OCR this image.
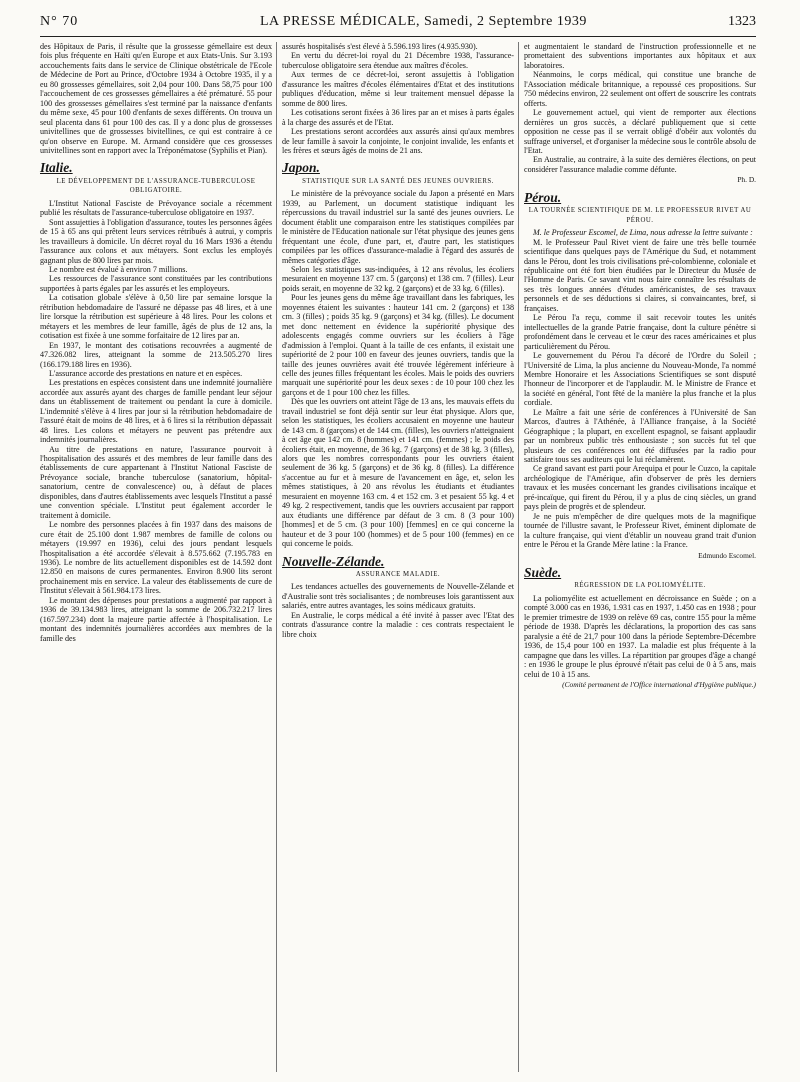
N° 70	LA PRESSE MÉDICALE, Samedi, 2 Septembre 1939	1323

des Hôpitaux de Paris, il résulte que la grossesse gémellaire est deux fois plus fréquente en Haïti qu'en Europe et aux Etats-Unis. Sur 3.193 accouchements faits dans le service de Clinique obstétricale de l'Ecole de Médecine de Port au Prince, d'Octobre 1934 à Octobre 1935, il y a eu 80 grossesses gémellaires, soit 2,04 pour 100. Dans 58,75 pour 100 l'accouchement de ces grossesses gémellaires a été prématuré. 55 pour 100 des grossesses gémellaires s'est terminé par la naissance d'enfants du même sexe, 45 pour 100 d'enfants de sexes différents. On trouva un seul placenta dans 61 pour 100 des cas. Il y a donc plus de grossesses univitellines que de grossesses bivitellines, ce qui est contraire à ce qu'on observe en Europe. M. Armand considère que ces grossesses univitellines sont en rapport avec la Tréponématose (Syphilis et Pian).

Italie.
LE DÉVELOPPEMENT DE L'ASSURANCE-TUBERCULOSE OBLIGATOIRE.

L'Institut National Fasciste de Prévoyance sociale a récemment publié les résultats de l'assurance-tuberculose obligatoire en 1937.

Sont assujetties à l'obligation d'assurance, toutes les personnes âgées de 15 à 65 ans qui prêtent leurs services rétribués à autrui, y compris les travailleurs à domicile. Un décret royal du 16 Mars 1936 a étendu l'assurance aux colons et aux métayers. Sont exclus les employés gagnant plus de 800 lires par mois.

Le nombre est évalué à environ 7 millions.

Les ressources de l'assurance sont constituées par les contributions supportées à parts égales par les assurés et les employeurs.

La cotisation globale s'élève à 0,50 lire par semaine lorsque la rétribution hebdomadaire de l'assuré ne dépasse pas 48 lires, et à une lire lorsque la rétribution est supérieure à 48 lires. Pour les colons et métayers et les membres de leur famille, âgés de plus de 12 ans, la cotisation est fixée à une somme forfaitaire de 12 lires par an.

En 1937, le montant des cotisations recouvrées a augmenté de 47.326.082 lires, atteignant la somme de 213.505.270 lires (166.179.188 lires en 1936).

L'assurance accorde des prestations en nature et en espèces.

Les prestations en espèces consistent dans une indemnité journalière accordée aux assurés ayant des charges de famille pendant leur séjour dans un établissement de traitement ou pendant la cure à domicile. L'indemnité s'élève à 4 lires par jour si la rétribution hebdomadaire de l'assuré était de moins de 48 lires, et à 6 lires si la rétribution dépassait 48 lires. Les colons et métayers ne peuvent pas prétendre aux indemnités journalières.

Au titre de prestations en nature, l'assurance pourvoit à l'hospitalisation des assurés et des membres de leur famille dans des établissements de cure appartenant à l'Institut National Fasciste de Prévoyance sociale, branche tuberculose (sanatorium, hôpital-sanatorium, centre de convalescence) ou, à défaut de places disponibles, dans d'autres établissements avec lesquels l'Institut a passé une convention spéciale. L'Institut peut également accorder le traitement à domicile.

Le nombre des personnes placées à fin 1937 dans des maisons de cure était de 25.100 dont 1.987 membres de famille de colons ou métayers (19.997 en 1936), celui des jours pendant lesquels l'hospitalisation a été accordée s'élevait à 8.575.662 (7.195.783 en 1936). Le nombre de lits actuellement disponibles est de 14.592 dont 12.850 en maisons de cures permanentes. Environ 8.900 lits seront prochainement mis en service. La valeur des établissements de cure de l'Institut s'élevait à 561.984.173 lires.

Le montant des dépenses pour prestations a augmenté par rapport à 1936 de 39.134.983 lires, atteignant la somme de 206.732.217 lires (167.597.234) dont la majeure partie affectée à l'hospitalisation. Le montant des indemnités journalières accordées aux membres de la famille des

assurés hospitalisés s'est élevé à 5.596.193 lires (4.935.930).

En vertu du décret-loi royal du 21 Décembre 1938, l'assurance-tuberculose obligatoire sera étendue aux maîtres d'écoles.

Aux termes de ce décret-loi, seront assujettis à l'obligation d'assurance les maîtres d'écoles élémentaires d'Etat et des institutions publiques d'éducation, même si leur traitement mensuel dépasse la somme de 800 lires.

Les cotisations seront fixées à 36 lires par an et mises à parts égales à la charge des assurés et de l'Etat.

Les prestations seront accordées aux assurés ainsi qu'aux membres de leur famille à savoir la conjointe, le conjoint invalide, les enfants et les frères et sœurs âgés de moins de 21 ans.

Japon.
STATISTIQUE SUR LA SANTÉ DES JEUNES OUVRIERS.

Le ministère de la prévoyance sociale du Japon a présenté en Mars 1939, au Parlement, un document statistique indiquant les répercussions du travail industriel sur la santé des jeunes ouvriers. Le document établit une comparaison entre les statistiques compilées par le ministère de l'Education nationale sur l'état physique des jeunes gens fréquentant une école, d'une part, et, d'autre part, les statistiques compilées par les offices d'assurance-maladie à l'égard des assurés de mêmes catégories d'âge.

Selon les statistiques sus-indiquées, à 12 ans révolus, les écoliers mesuraient en moyenne 137 cm. 5 (garçons) et 138 cm. 7 (filles). Leur poids serait, en moyenne de 32 kg. 2 (garçons) et de 33 kg. 6 (filles).

Pour les jeunes gens du même âge travaillant dans les fabriques, les moyennes étaient les suivantes : hauteur 141 cm. 2 (garçons) et 138 cm. 3 (filles) ; poids 35 kg. 9 (garçons) et 34 kg. (filles). Le document met donc nettement en évidence la supériorité physique des adolescents engagés comme ouvriers sur les écoliers à l'âge d'admission à l'emploi. Quant à la taille de ces enfants, il existait une supériorité de 2 pour 100 en faveur des jeunes ouvriers, tandis que la taille des jeunes ouvrières avait été trouvée légèrement inférieure à celle des jeunes filles fréquentant les écoles. Mais le poids des ouvriers marquait une supériorité pour les deux sexes : de 10 pour 100 chez les garçons et de 1 pour 100 chez les filles.

Dès que les ouvriers ont atteint l'âge de 13 ans, les mauvais effets du travail industriel se font déjà sentir sur leur état physique. Alors que, selon les statistiques, les écoliers accusaient en moyenne une hauteur de 143 cm. 8 (garçons) et de 144 cm. (filles), les ouvriers n'atteignaient à cet âge que 142 cm. 8 (hommes) et 141 cm. (femmes) ; le poids des écoliers était, en moyenne, de 36 kg. 7 (garçons) et de 38 kg. 3 (filles), alors que les nombres correspondants pour les ouvriers étaient seulement de 36 kg. 5 (garçons) et de 36 kg. 8 (filles). La différence s'accentue au fur et à mesure de l'avancement en âge, et, selon les mêmes statistiques, à 20 ans révolus les étudiants et étudiantes mesuraient en moyenne 163 cm. 4 et 152 cm. 3 et pesaient 55 kg. 4 et 49 kg. 2 respectivement, tandis que les ouvriers accusaient par rapport aux étudiants une différence par défaut de 3 cm. 8 (3 pour 100) [hommes] et de 5 cm. (3 pour 100) [femmes] en ce qui concerne la hauteur et de 3 pour 100 (hommes) et de 5 pour 100 (femmes) en ce qui concerne le poids.

Nouvelle-Zélande.
ASSURANCE MALADIE.

Les tendances actuelles des gouvernements de Nouvelle-Zélande et d'Australie sont très socialisantes ; de nombreuses lois garantissent aux salariés, entre autres avantages, les soins médicaux gratuits.

En Australie, le corps médical a été invité à passer avec l'Etat des contrats d'assurance contre la maladie : ces contrats respectaient le libre choix

et augmentaient le standard de l'instruction professionnelle et ne promettaient des subventions importantes aux hôpitaux et aux laboratoires.

Néanmoins, le corps médical, qui constitue une branche de l'Association médicale britannique, a repoussé ces propositions. Sur 750 médecins environ, 22 seulement ont offert de souscrire les contrats offerts.

Le gouvernement actuel, qui vient de remporter aux élections dernières un gros succès, a déclaré publiquement que si cette opposition ne cesse pas il se verrait obligé d'obéir aux volontés du suffrage universel, et d'organiser la médecine sous le contrôle absolu de l'Etat.

En Australie, au contraire, à la suite des dernières élections, on peut considérer l'assurance maladie comme défunte.

Ph. D.

Pérou.
LA TOURNÉE SCIENTIFIQUE DE M. LE PROFESSEUR RIVET AU PÉROU.

M. le Professeur Escomel, de Lima, nous adresse la lettre suivante :

M. le Professeur Paul Rivet vient de faire une très belle tournée scientifique dans quelques pays de l'Amérique du Sud, et notamment dans le Pérou, dont les trois civilisations pré-colombienne, coloniale et républicaine ont été fort bien étudiées par le Directeur du Musée de l'Homme de Paris. Ce savant vint nous faire connaître les résultats de ses très longues années d'études américanistes, de ses travaux personnels et de ses déductions si claires, si convaincantes, bref, si françaises.

Le Pérou l'a reçu, comme il sait recevoir toutes les unités intellectuelles de la grande Patrie française, dont la culture pénètre si profondément dans le cerveau et le cœur des races américaines et plus particulièrement du Pérou.

Le gouvernement du Pérou l'a décoré de l'Ordre du Soleil ; l'Université de Lima, la plus ancienne du Nouveau-Monde, l'a nommé Membre Honoraire et les Associations Scientifiques se sont disputé l'honneur de l'incorporer et de l'applaudir. M. le Ministre de France et la société en général, l'ont fêté de la manière la plus franche et la plus cordiale.

Le Maître a fait une série de conférences à l'Université de San Marcos, d'autres à l'Athénée, à l'Alliance française, à la Société Géographique ; la plupart, en excellent espagnol, se faisant applaudir par un nombreux public très enthousiaste ; son succès fut tel que plusieurs de ces conférences ont été diffusées par la radio pour satisfaire tous ses auditeurs qui le lui réclamèrent.

Ce grand savant est parti pour Arequipa et pour le Cuzco, la capitale archéologique de l'Amérique, afin d'observer de près les derniers travaux et les musées concernant les grandes civilisations incaïque et pré-incaïque, qui firent du Pérou, il y a plus de cinq siècles, un grand pays plein de progrès et de splendeur.

Je ne puis m'empêcher de dire quelques mots de la magnifique tournée de l'illustre savant, le Professeur Rivet, éminent diplomate de la culture française, qui vient d'établir un nouveau grand trait d'union entre le Pérou et la Grande Mère latine : la France.

Edmundo Escomel.

Suède.
RÉGRESSION DE LA POLIOMYÉLITE.

La poliomyélite est actuellement en décroissance en Suède ; on a compté 3.000 cas en 1936, 1.931 cas en 1937, 1.450 cas en 1938 ; pour le premier trimestre de 1939 on relève 69 cas, contre 155 pour la même période de 1938. D'après les déclarations, la proportion des cas sans paralysie a été de 21,7 pour 100 dans la période Septembre-Décembre 1936, de 15,4 pour 100 en 1937. La maladie est plus fréquente à la campagne que dans les villes. La répartition par groupes d'âge a changé : en 1936 le groupe le plus éprouvé n'était pas celui de 0 à 5 ans, mais celui de 10 à 15 ans.

(Comité permanent de l'Office international d'Hygiène publique.)
